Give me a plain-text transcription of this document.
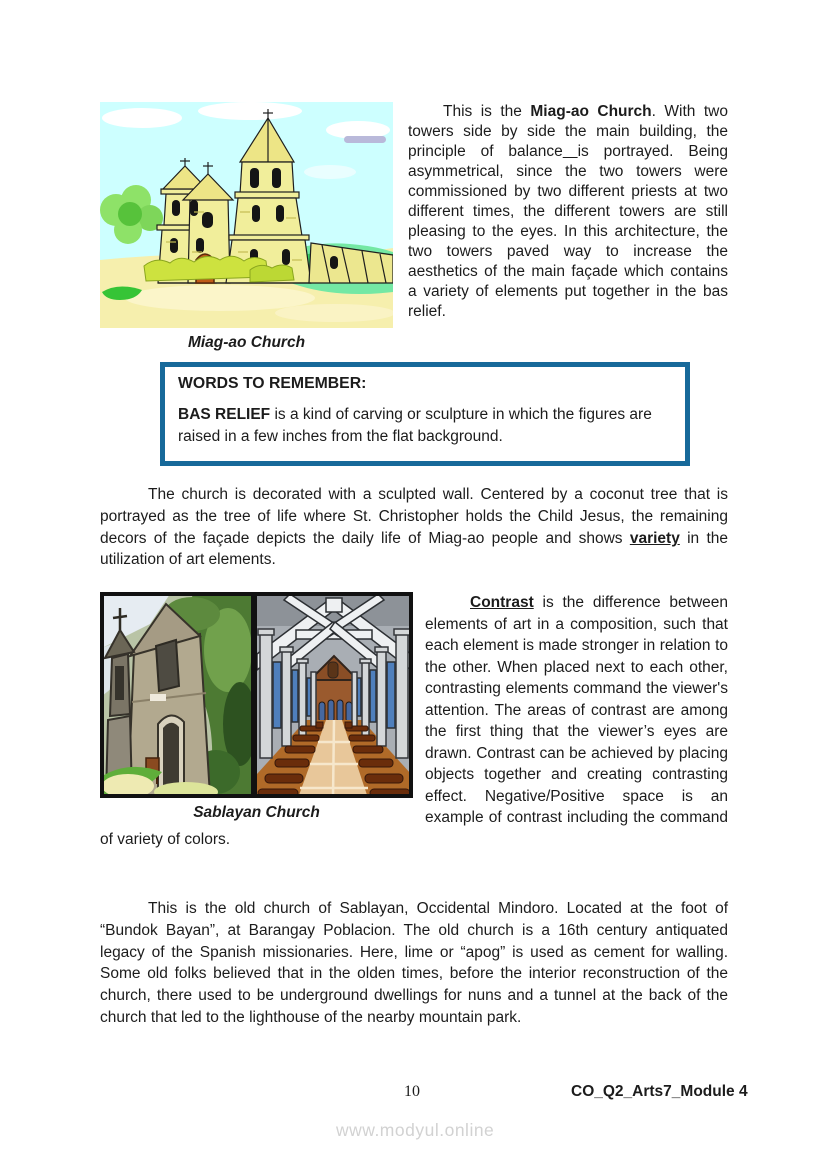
Miag-ao Church

This is the Miag-ao Church. With two towers side by side the main building, the principle of balance is portrayed. Being asymmetrical, since the two towers were commissioned by two different priests at two different times, the different towers are still pleasing to the eyes. In this architecture, the two towers paved way to increase the aesthetics of the main façade which contains a variety of elements put together in the bas relief.

WORDS TO REMEMBER:

BAS RELIEF is a kind of carving or sculpture in which the figures are raised in a few inches from the flat background.

The church is decorated with a sculpted wall. Centered by a coconut tree that is portrayed as the tree of life where St. Christopher holds the Child Jesus, the remaining decors of the façade depicts the daily life of Miag-ao people and shows variety in the utilization of art elements.

Sablayan Church

Contrast is the difference between elements of art in a composition, such that each element is made stronger in relation to the other. When placed next to each other, contrasting elements command the viewer's attention. The areas of contrast are among the first thing that the viewer’s eyes are drawn. Contrast can be achieved by placing objects together and creating contrasting effect. Negative/Positive space is an example of contrast including the command of variety of colors.

This is the old church of Sablayan, Occidental Mindoro. Located at the foot of “Bundok Bayan”, at Barangay Poblacion. The old church is a 16th century antiquated legacy of the Spanish missionaries. Here, lime or “apog” is used as cement for walling. Some old folks believed that in the olden times, before the interior reconstruction of the church, there used to be underground dwellings for nuns and a tunnel at the back of the church that led to the lighthouse of the nearby mountain park.

10	CO_Q2_Arts7_Module 4
www.modyul.online
